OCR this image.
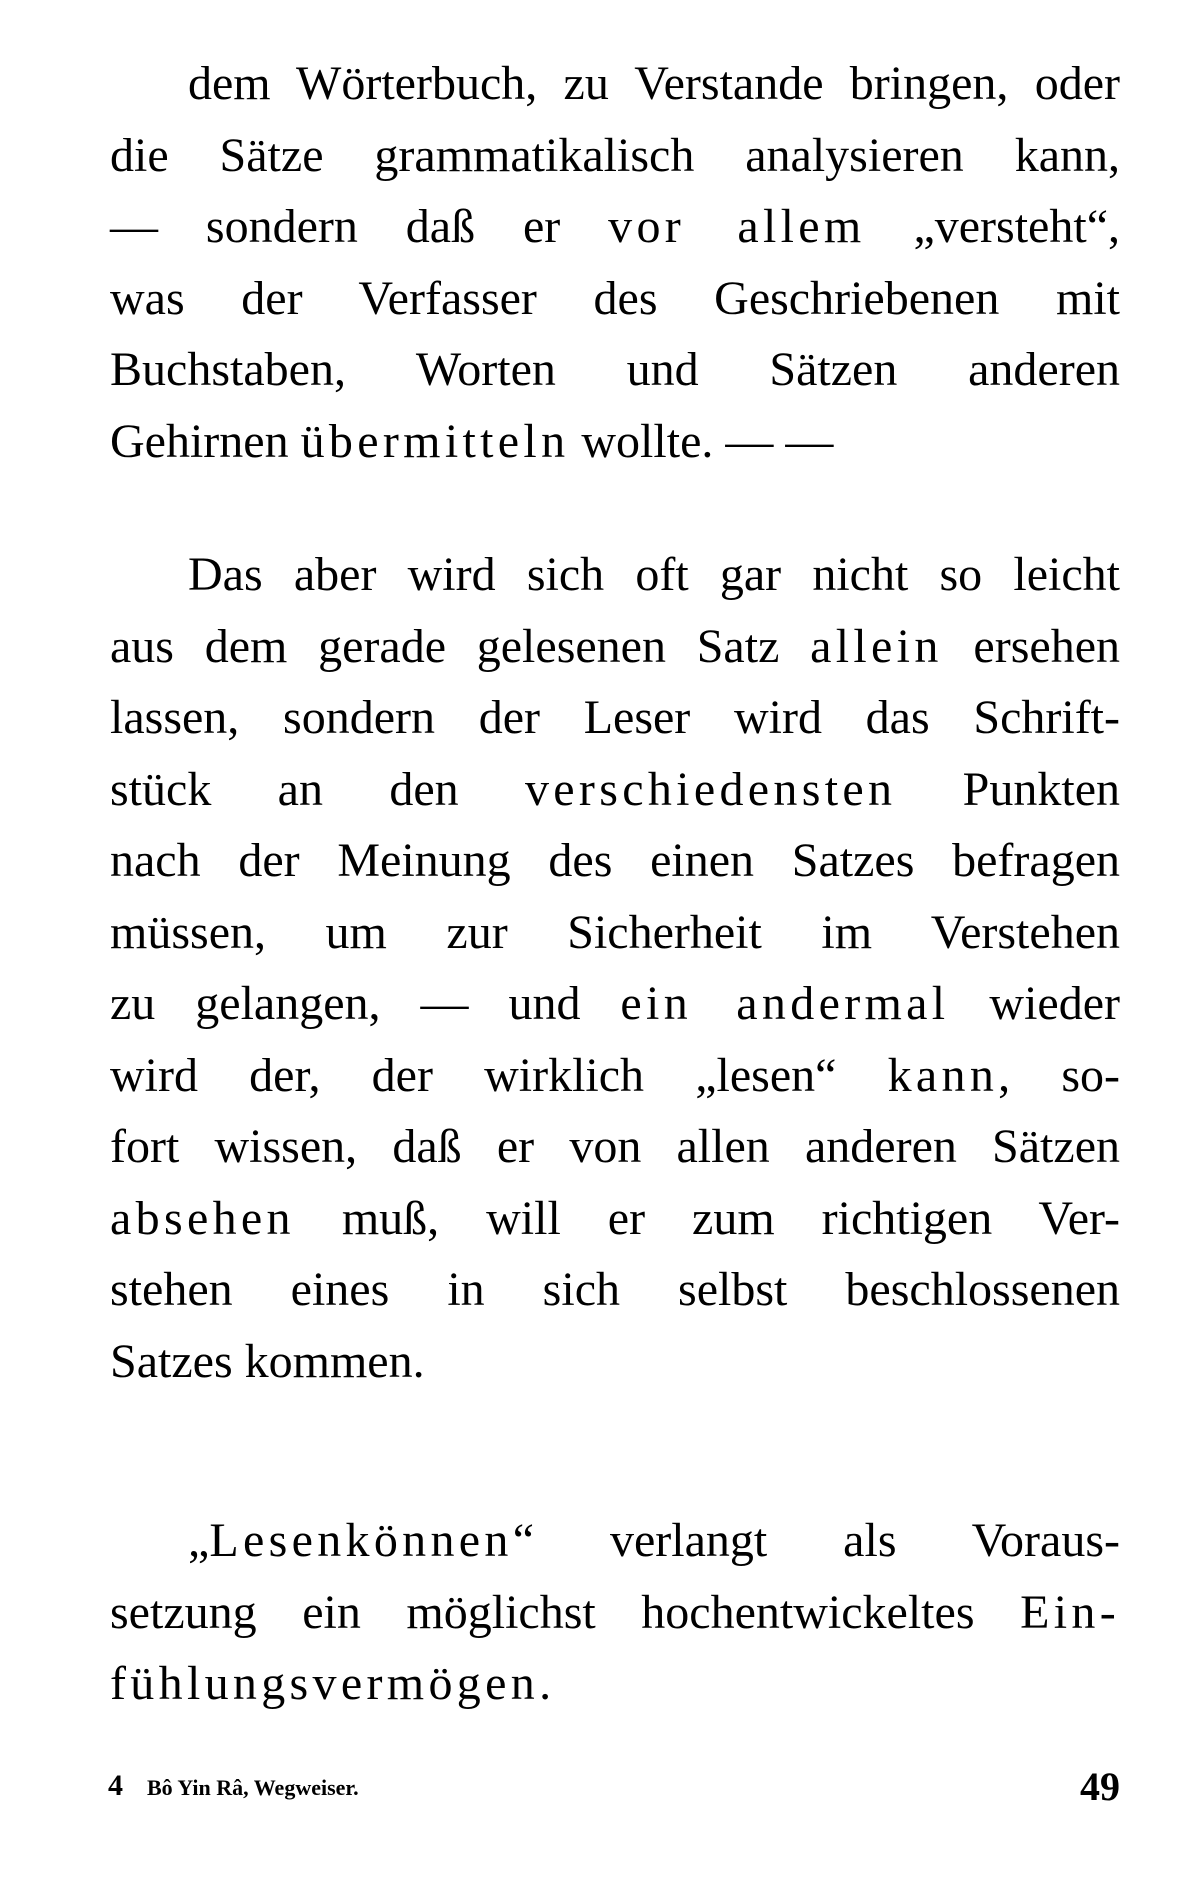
dem Wörterbuch, zu Verstande bringen, oder
die Sätze grammatikalisch analysieren kann,
— sondern daß er vor allem „versteht“,
was der Verfasser des Geschriebenen mit
Buchstaben, Worten und Sätzen anderen
Gehirnen übermitteln wollte. — —
Das aber wird sich oft gar nicht so leicht
aus dem gerade gelesenen Satz allein ersehen
lassen, sondern der Leser wird das Schrift-
stück an den verschiedensten Punkten
nach der Meinung des einen Satzes befragen
müssen, um zur Sicherheit im Verstehen
zu gelangen, — und ein andermal wieder
wird der, der wirklich „lesen“ kann, so-
fort wissen, daß er von allen anderen Sätzen
absehen muß, will er zum richtigen Ver-
stehen eines in sich selbst beschlossenen
Satzes kommen.
„Lesenkönnen“ verlangt als Voraus-
setzung ein möglichst hochentwickeltes Ein-
fühlungsvermögen.
4 Bô Yin Râ, Wegweiser.	49
